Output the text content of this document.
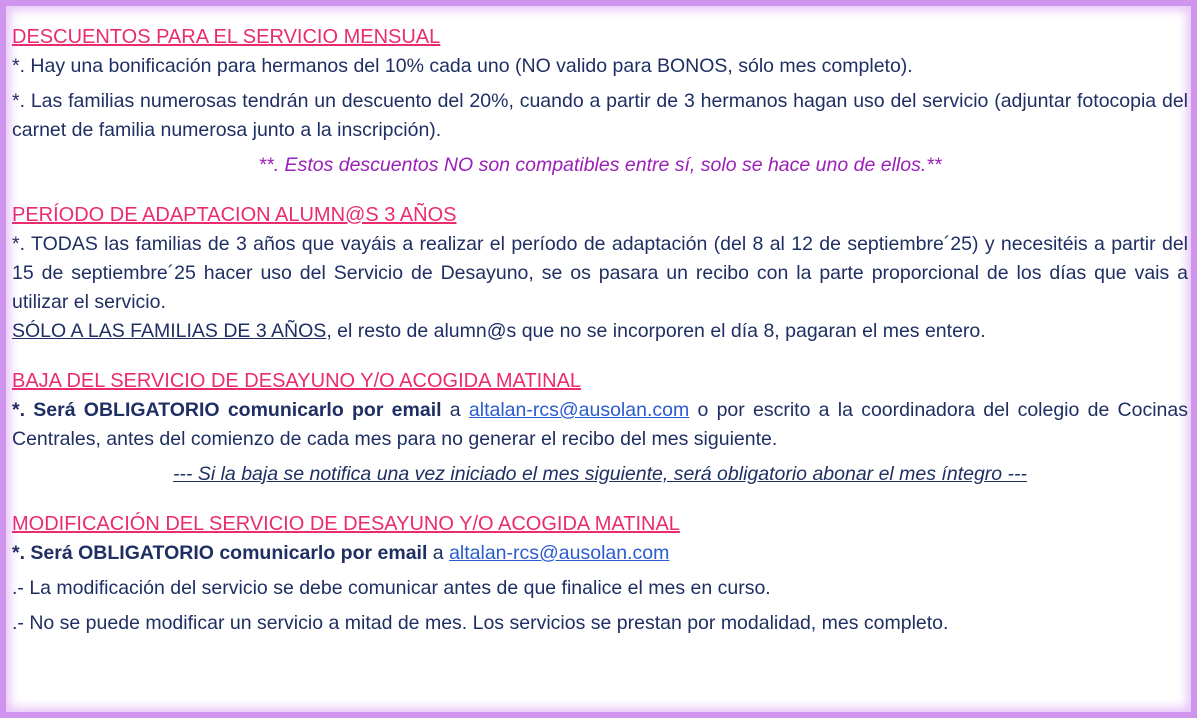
DESCUENTOS PARA EL SERVICIO MENSUAL

*. Hay una bonificación para hermanos del 10% cada uno (NO valido para BONOS, sólo mes completo).

*. Las familias numerosas tendrán un descuento del 20%, cuando a partir de 3 hermanos hagan uso del servicio (adjuntar fotocopia del carnet de familia numerosa junto a la inscripción).

**. Estos descuentos NO son compatibles entre sí, solo se hace uno de ellos.**

PERÍODO DE ADAPTACION ALUMN@S 3 AÑOS

*. TODAS las familias de 3 años que vayáis a realizar el período de adaptación (del 8 al 12 de septiembre´25) y necesitéis a partir del 15 de septiembre´25 hacer uso del Servicio de Desayuno, se os pasara un recibo con la parte proporcional de los días que vais a utilizar el servicio.

SÓLO A LAS FAMILIAS DE 3 AÑOS, el resto de alumn@s que no se incorporen el día 8, pagaran el mes entero.

BAJA DEL SERVICIO DE DESAYUNO Y/O ACOGIDA MATINAL

*. Será OBLIGATORIO comunicarlo por email a altalan-rcs@ausolan.com o por escrito a la coordinadora del colegio de Cocinas Centrales, antes del comienzo de cada mes para no generar el recibo del mes siguiente.

--- Si la baja se notifica una vez iniciado el mes siguiente, será obligatorio abonar el mes íntegro ---

MODIFICACIÓN DEL SERVICIO DE DESAYUNO Y/O ACOGIDA MATINAL

*. Será OBLIGATORIO comunicarlo por email a altalan-rcs@ausolan.com

.- La modificación del servicio se debe comunicar antes de que finalice el mes en curso.

.- No se puede modificar un servicio a mitad de mes. Los servicios se prestan por modalidad, mes completo.
